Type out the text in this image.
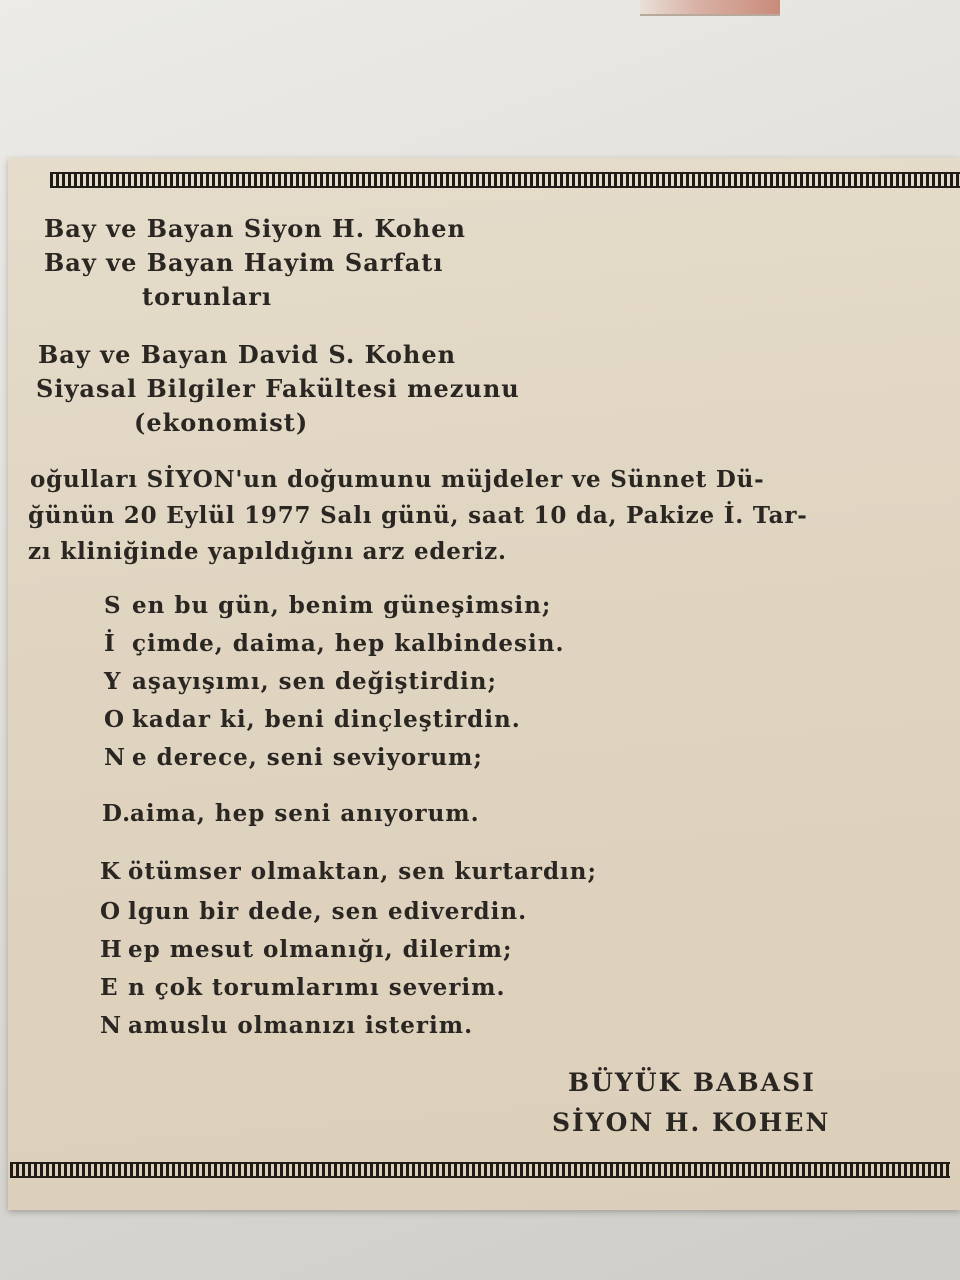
Bay ve Bayan Siyon H. Kohen
Bay ve Bayan Hayim Sarfatı
torunları
Bay ve Bayan David S. Kohen
Siyasal Bilgiler Fakültesi mezunu
(ekonomist)
oğulları SİYON'un doğumunu müjdeler ve Sünnet Dü-
ğünün 20 Eylül 1977 Salı günü, saat 10 da, Pakize İ. Tar-
zı kliniğinde yapıldığını arz ederiz.
S en bu gün, benim güneşimsin;
İ çimde, daima, hep kalbindesin.
Y aşayışımı, sen değiştirdin;
O kadar ki, beni dinçleştirdin.
N e derece, seni seviyorum;
D.aima, hep seni anıyorum.
K ötümser olmaktan, sen kurtardın;
O lgun bir dede, sen ediverdin.
H ep mesut olmanığı, dilerim;
E n çok torumlarımı severim.
N amuslu olmanızı isterim.
BÜYÜK BABASI
SİYON H. KOHEN
